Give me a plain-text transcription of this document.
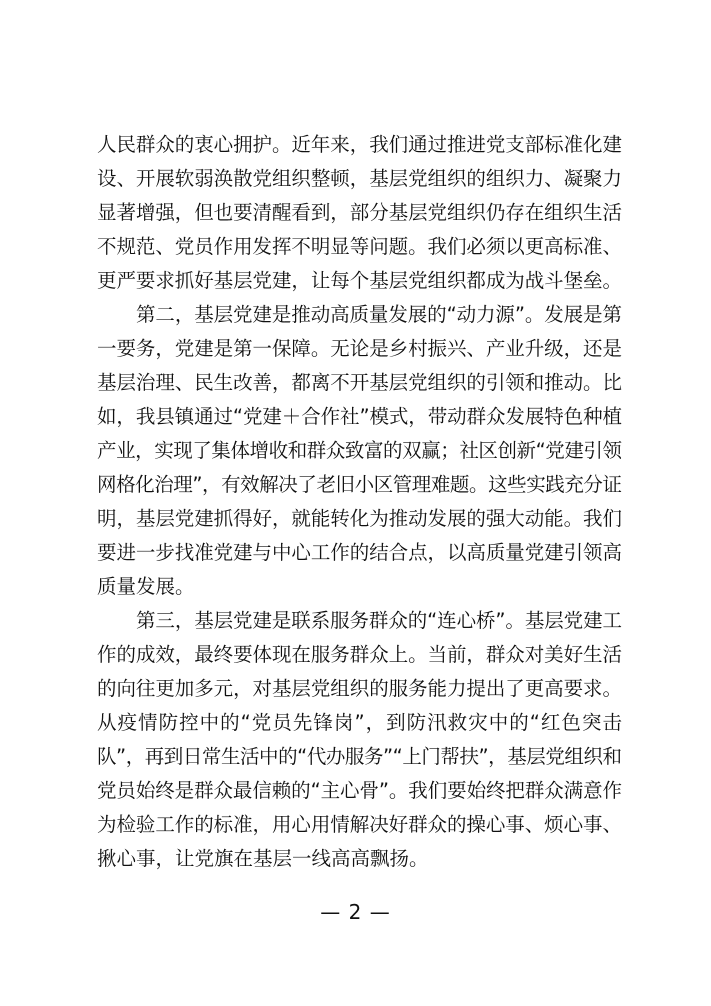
人民群众的衷心拥护。近年来，我们通过推进党支部标准化建
设、开展软弱涣散党组织整顿，基层党组织的组织力、凝聚力
显著增强，但也要清醒看到，部分基层党组织仍存在组织生活
不规范、党员作用发挥不明显等问题。我们必须以更高标准、
更严要求抓好基层党建，让每个基层党组织都成为战斗堡垒。
第二，基层党建是推动高质量发展的“动力源”。发展是第
一要务，党建是第一保障。无论是乡村振兴、产业升级，还是
基层治理、民生改善，都离不开基层党组织的引领和推动。比
如，我县镇通过“党建＋合作社”模式，带动群众发展特色种植
产业，实现了集体增收和群众致富的双赢；社区创新“党建引领
网格化治理”，有效解决了老旧小区管理难题。这些实践充分证
明，基层党建抓得好，就能转化为推动发展的强大动能。我们
要进一步找准党建与中心工作的结合点，以高质量党建引领高
质量发展。
第三，基层党建是联系服务群众的“连心桥”。基层党建工
作的成效，最终要体现在服务群众上。当前，群众对美好生活
的向往更加多元，对基层党组织的服务能力提出了更高要求。
从疫情防控中的“党员先锋岗”，到防汛救灾中的“红色突击
队”，再到日常生活中的“代办服务”“上门帮扶”，基层党组织和
党员始终是群众最信赖的“主心骨”。我们要始终把群众满意作
为检验工作的标准，用心用情解决好群众的操心事、烦心事、
揪心事，让党旗在基层一线高高飘扬。
— 2 —
